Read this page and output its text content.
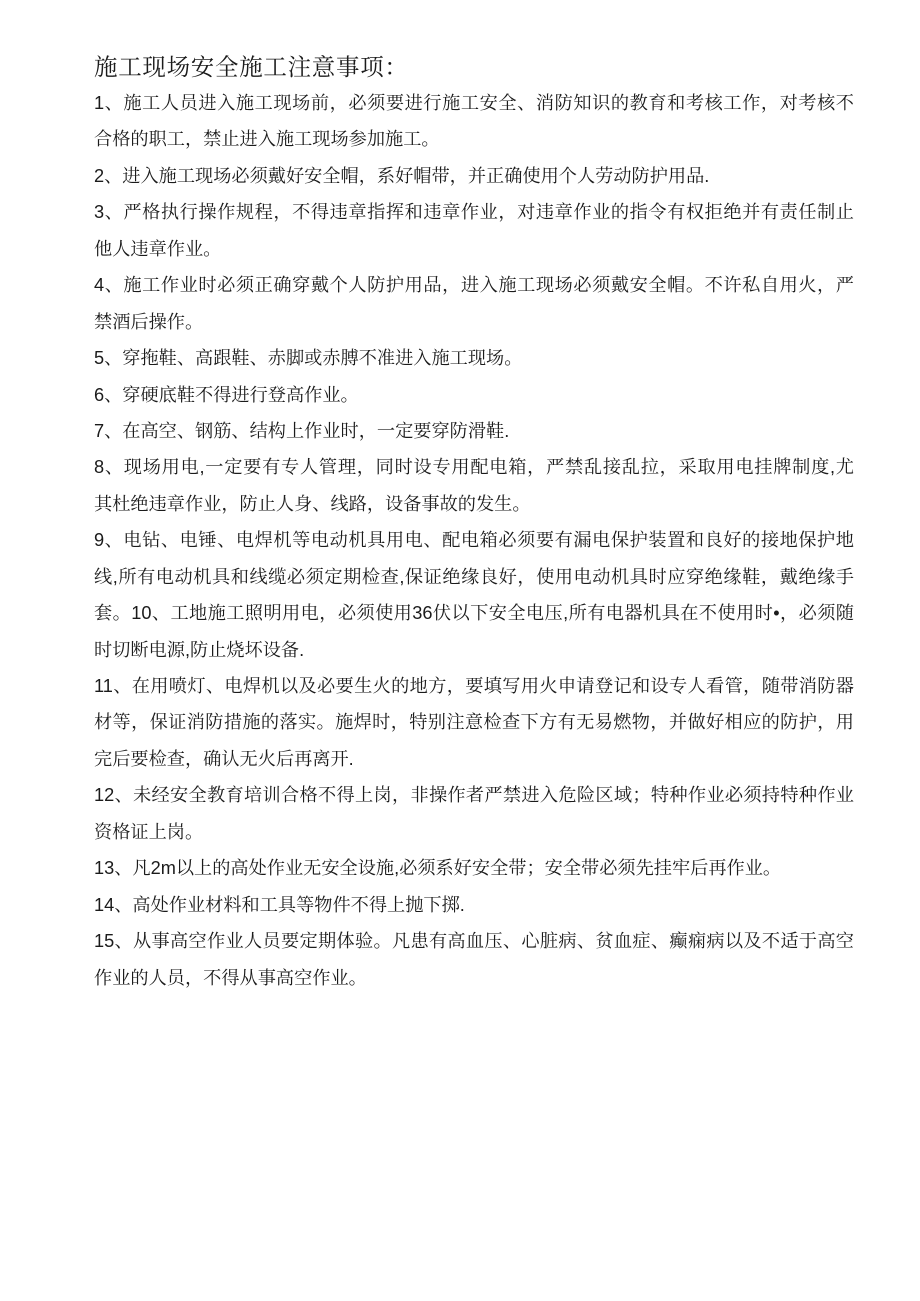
施工现场安全施工注意事项：
1、施工人员进入施工现场前，必须要进行施工安全、消防知识的教育和考核工作，对考核不
合格的职工，禁止进入施工现场参加施工。
2、进入施工现场必须戴好安全帽，系好帽带，并正确使用个人劳动防护用品.
3、严格执行操作规程，不得违章指挥和违章作业，对违章作业的指令有权拒绝并有责任制止
他人违章作业。
4、施工作业时必须正确穿戴个人防护用品，进入施工现场必须戴安全帽。不许私自用火，严
禁酒后操作。
5、穿拖鞋、高跟鞋、赤脚或赤膊不准进入施工现场。
6、穿硬底鞋不得进行登高作业。
7、在高空、钢筋、结构上作业时，一定要穿防滑鞋.
8、现场用电,一定要有专人管理，同时设专用配电箱，严禁乱接乱拉，采取用电挂牌制度,尤
其杜绝违章作业，防止人身、线路，设备事故的发生。
9、电钻、电锤、电焊机等电动机具用电、配电箱必须要有漏电保护装置和良好的接地保护地
线,所有电动机具和线缆必须定期检查,保证绝缘良好，使用电动机具时应穿绝缘鞋，戴绝缘手
套。10、工地施工照明用电，必须使用36伏以下安全电压,所有电器机具在不使用时•，必须随
时切断电源,防止烧坏设备.
11、在用喷灯、电焊机以及必要生火的地方，要填写用火申请登记和设专人看管，随带消防器
材等，保证消防措施的落实。施焊时，特别注意检查下方有无易燃物，并做好相应的防护，用
完后要检查，确认无火后再离开.
12、未经安全教育培训合格不得上岗，非操作者严禁进入危险区域；特种作业必须持特种作业
资格证上岗。
13、凡2m以上的高处作业无安全设施,必须系好安全带；安全带必须先挂牢后再作业。
14、高处作业材料和工具等物件不得上抛下掷.
15、从事高空作业人员要定期体验。凡患有高血压、心脏病、贫血症、癫痫病以及不适于高空
作业的人员，不得从事高空作业。
